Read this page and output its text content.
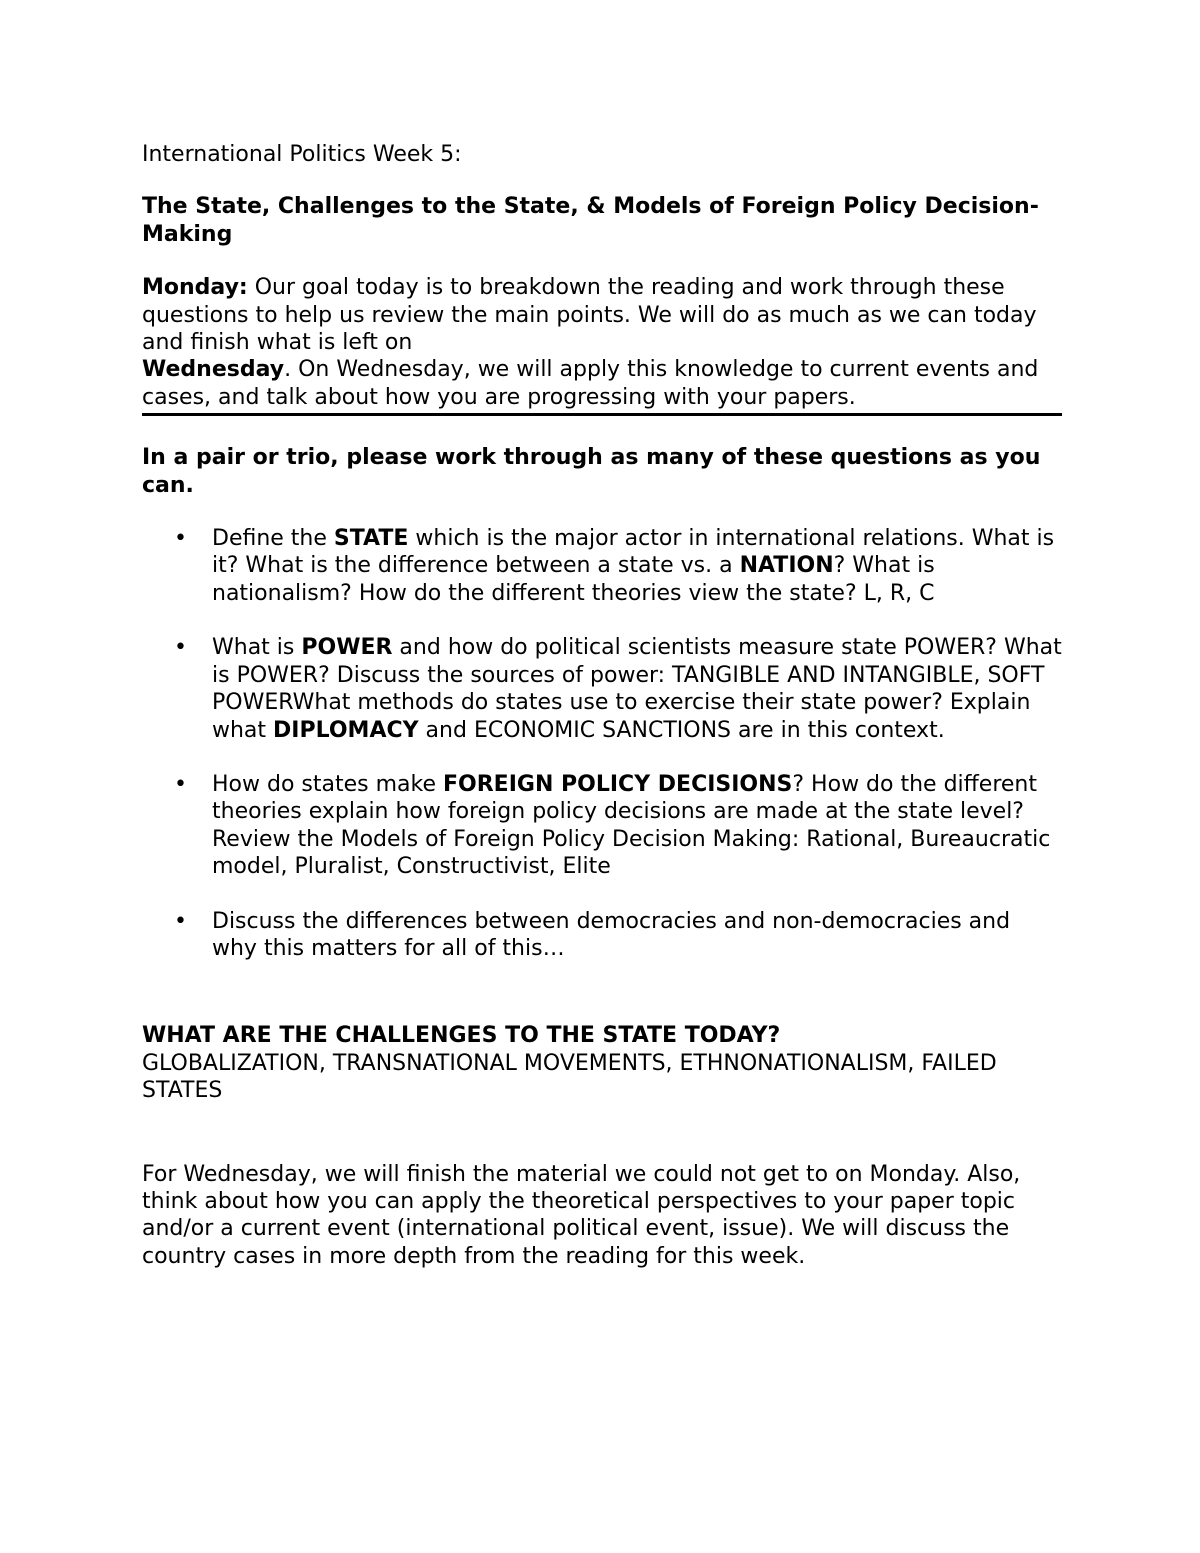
International Politics Week 5:

The State, Challenges to the State, & Models of Foreign Policy Decision-Making

Monday: Our goal today is to breakdown the reading and work through these questions to help us review the main points. We will do as much as we can today and finish what is left on
Wednesday. On Wednesday, we will apply this knowledge to current events and cases, and talk about how you are progressing with your papers.

In a pair or trio, please work through as many of these questions as you can.

• Define the STATE which is the major actor in international relations. What is it? What is the difference between a state vs. a NATION? What is nationalism? How do the different theories view the state? L, R, C
• What is POWER and how do political scientists measure state POWER? What is POWER? Discuss the sources of power: TANGIBLE AND INTANGIBLE, SOFT POWERWhat methods do states use to exercise their state power? Explain what DIPLOMACY and ECONOMIC SANCTIONS are in this context.
• How do states make FOREIGN POLICY DECISIONS? How do the different theories explain how foreign policy decisions are made at the state level? Review the Models of Foreign Policy Decision Making: Rational, Bureaucratic model, Pluralist, Constructivist, Elite
• Discuss the differences between democracies and non-democracies and why this matters for all of this…

WHAT ARE THE CHALLENGES TO THE STATE TODAY?

GLOBALIZATION, TRANSNATIONAL MOVEMENTS, ETHNONATIONALISM, FAILED STATES

For Wednesday, we will finish the material we could not get to on Monday. Also, think about how you can apply the theoretical perspectives to your paper topic and/or a current event (international political event, issue). We will discuss the country cases in more depth from the reading for this week.
